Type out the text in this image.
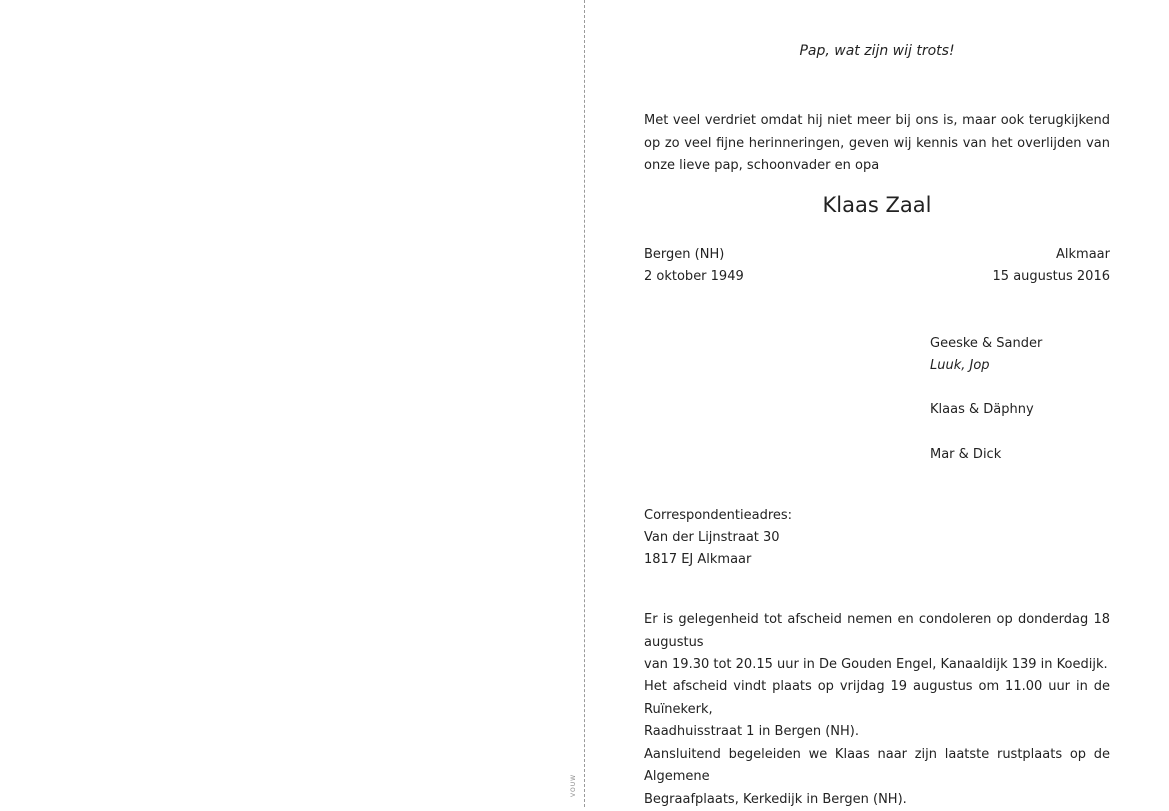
VOUW
Pap, wat zijn wij trots!
Met veel verdriet omdat hij niet meer bij ons is, maar ook terugkijkend op zo veel fijne herinneringen, geven wij kennis van het overlijden van onze lieve pap, schoonvader en opa
Klaas Zaal
Bergen (NH)
2 oktober 1949
Alkmaar
15 augustus 2016
Geeske & Sander
Luuk, Jop
Klaas & Däphny
Mar & Dick
Correspondentieadres:
Van der Lijnstraat 30
1817 EJ Alkmaar
Er is gelegenheid tot afscheid nemen en condoleren op donderdag 18 augustus
van 19.30 tot 20.15 uur in De Gouden Engel, Kanaaldijk 139 in Koedijk.
Het afscheid vindt plaats op vrijdag 19 augustus om 11.00 uur in de Ruïnekerk,
Raadhuisstraat 1 in Bergen (NH).
Aansluitend begeleiden we Klaas naar zijn laatste rustplaats op de Algemene
Begraafplaats, Kerkedijk in Bergen (NH).
